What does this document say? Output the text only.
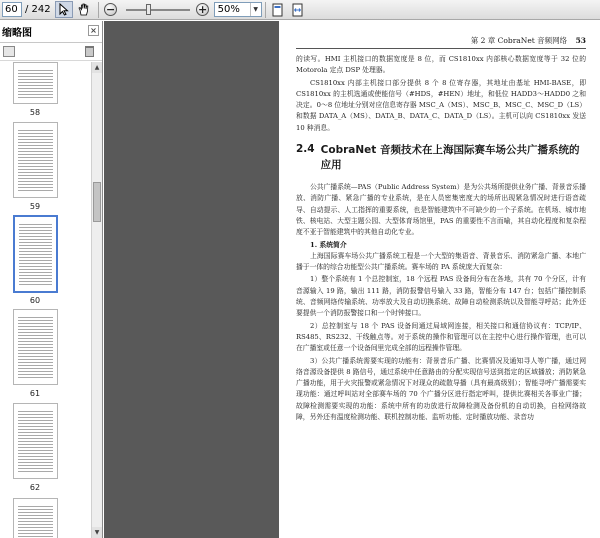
60 / 242	−	+ 50%	▼
缩略图	×
58
59
60
61
62
▲
▼
第 2 章 CobraNet 音频网络 53

的读写。HMI 主机接口的数据宽度是 8 位，而 CS1810xx 内部核心数据宽度等于 32 位的 Motorola 定点 DSP 处理器。

CS1810xx 内部主机接口部分提供 8 个 8 位寄存器，其地址由基址 HMI-BASE，即 CS1810xx 的主机选通或使能信号（#HDS，#HEN）地址，和低位 HADD3～HADD0 之和决定。0～8 位地址分别对应信息寄存器 MSC_A（MS）、MSC_B、MSC_C、MSC_D（LS）和数据 DATA_A（MS）、DATA_B、DATA_C、DATA_D（LS）。主机可以向 CS1810xx 发送 10 种消息。

2.4 CobraNet 音频技术在上海国际赛车场公共广播系统的应用

公共广播系统—PAS（Public Address System）是为公共场所提供业务广播、背景音乐播放、消防广播、紧急广播的专业系统，是在人员密集密度大的场所出现紧急情况时进行语音疏导、自动提示、人工指挥的重要系统，也是智能建筑中不可缺少的一个子系统。在机场、城市地铁、核电站、大型主题公园、大型体育场馆里，PAS 的重要性不言而喻，其自动化程度和复杂程度不亚于智能建筑中的其他自动化专业。

1. 系统简介

上海国际赛车场公共广播系统工程是一个大型的集语音、背景音乐、消防紧急广播、本地广播于一体的综合功能型公共广播系统。赛车场的 PA 系统庞大而复杂：

1）整个系统有 1 个总控制室，18 个远程 PAS 设备间分布在各地，共有 70 个分区，计有音源输入 19 路，输出 111 路，消防报警信号输入 33 路，智能分布 147 台；包括广播控制系统、音频网络传输系统、功率放大及自动切换系统、故障自动检测系统以及智能寻呼站；此外还要提供一个消防报警接口和一个时钟接口。

2）总控制室与 18 个 PAS 设备间通过局域网连接，相关接口和通信协议有：TCP/IP、RS485、RS232、干线触点等。对于系统的操作和管理可以在主控中心进行操作管理，也可以在广播室或任意一个设备间里完成全部的远程操作管理。

3）公共广播系统需要实现的功能有：背景音乐广播、比赛情况及通知寻人等广播，通过网络音源设备提供 8 路信号，通过系统中任意路由的分配实现信号送到指定的区域播放；消防紧急广播功能，用于火灾报警或紧急情况下对现众的疏散导播（具有最高级别）；智能寻呼广播需要实现功能：通过呼叫站对全部赛车场的 70 个广播分区进行指定呼叫，提供比赛相关各事业广播；故障检测需要实现的功能：系统中所有的功放进行故障检测及备份机的自动切换，自检网络故障，另外还有温度检测功能、联机控制功能、监听功能、定时播放功能、录音功
